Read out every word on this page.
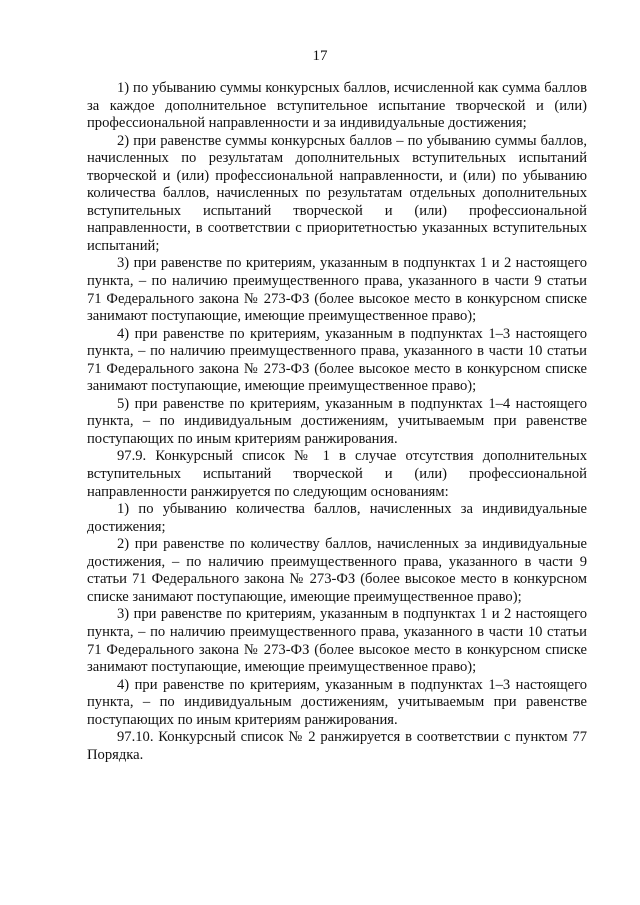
17

1) по убыванию суммы конкурсных баллов, исчисленной как сумма баллов за каждое дополнительное вступительное испытание творческой и (или) профессиональной направленности и за индивидуальные достижения;

2) при равенстве суммы конкурсных баллов – по убыванию суммы баллов, начисленных по результатам дополнительных вступительных испытаний творческой и (или) профессиональной направленности, и (или) по убыванию количества баллов, начисленных по результатам отдельных дополнительных вступительных испытаний творческой и (или) профессиональной направленности, в соответствии с приоритетностью указанных вступительных испытаний;

3) при равенстве по критериям, указанным в подпунктах 1 и 2 настоящего пункта, – по наличию преимущественного права, указанного в части 9 статьи 71 Федерального закона № 273-ФЗ (более высокое место в конкурсном списке занимают поступающие, имеющие преимущественное право);

4) при равенстве по критериям, указанным в подпунктах 1–3 настоящего пункта, – по наличию преимущественного права, указанного в части 10 статьи 71 Федерального закона № 273-ФЗ (более высокое место в конкурсном списке занимают поступающие, имеющие преимущественное право);

5) при равенстве по критериям, указанным в подпунктах 1–4 настоящего пункта, – по индивидуальным достижениям, учитываемым при равенстве поступающих по иным критериям ранжирования.

97.9. Конкурсный список № 1 в случае отсутствия дополнительных вступительных испытаний творческой и (или) профессиональной направленности ранжируется по следующим основаниям:

1) по убыванию количества баллов, начисленных за индивидуальные достижения;

2) при равенстве по количеству баллов, начисленных за индивидуальные достижения, – по наличию преимущественного права, указанного в части 9 статьи 71 Федерального закона № 273-ФЗ (более высокое место в конкурсном списке занимают поступающие, имеющие преимущественное право);

3) при равенстве по критериям, указанным в подпунктах 1 и 2 настоящего пункта, – по наличию преимущественного права, указанного в части 10 статьи 71 Федерального закона № 273-ФЗ (более высокое место в конкурсном списке занимают поступающие, имеющие преимущественное право);

4) при равенстве по критериям, указанным в подпунктах 1–3 настоящего пункта, – по индивидуальным достижениям, учитываемым при равенстве поступающих по иным критериям ранжирования.

97.10. Конкурсный список № 2 ранжируется в соответствии с пунктом 77 Порядка.
